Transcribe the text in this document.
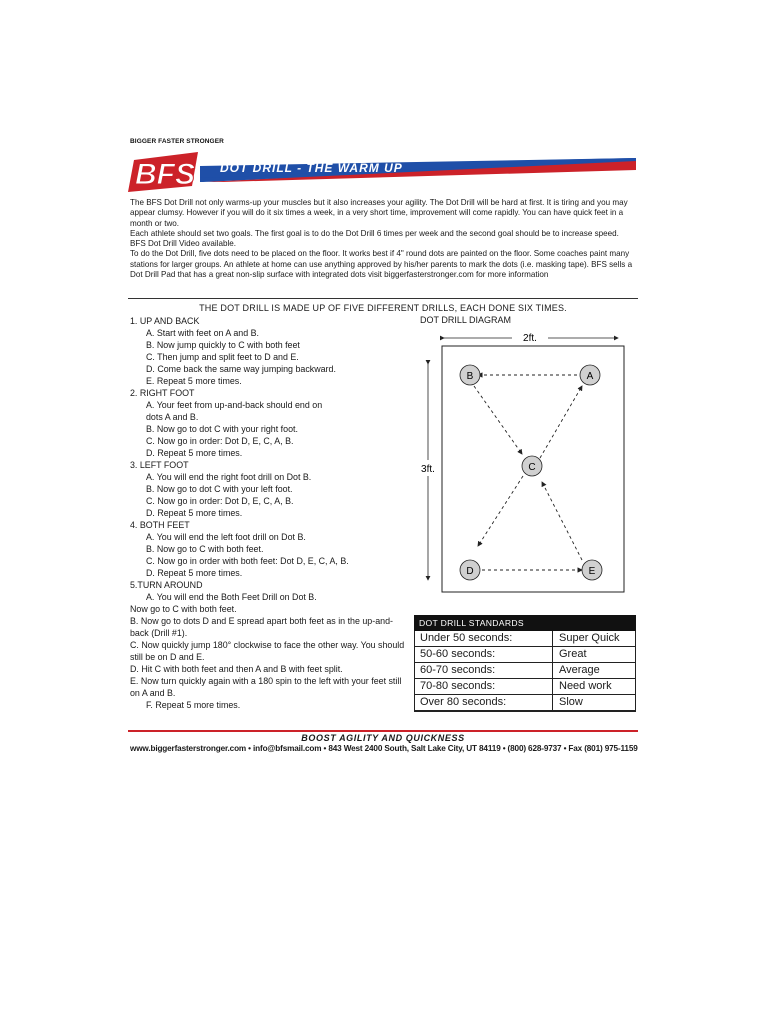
BIGGER FASTER STRONGER
DOT DRILL - THE WARM UP
BFS

The BFS Dot Drill not only warms-up your muscles but it also increases your agility. The Dot Drill will be hard at first. It is tiring and you may appear clumsy. However if you will do it six times a week, in a very short time, improvement will come rapidly. You can have quick feet in a month or two.

Each athlete should set two goals. The first goal is to do the Dot Drill 6 times per week and the second goal should be to increase speed. BFS Dot Drill Video available.

To do the Dot Drill, five dots need to be placed on the floor. It works best if 4" round dots are painted on the floor. Some coaches paint many stations for larger groups. An athlete at home can use anything approved by his/her parents to mark the dots (i.e. masking tape). BFS sells a Dot Drill Pad that has a great non-slip surface with integrated dots visit biggerfasterstronger.com for more information

THE DOT DRILL IS MADE UP OF FIVE DIFFERENT DRILLS, EACH DONE SIX TIMES.
1. UP AND BACK
A. Start with feet on A and B.
B. Now jump quickly to C with both feet
C. Then jump and split feet to D and E.
D. Come back the same way jumping backward.
E. Repeat 5 more times.
2. RIGHT FOOT
A. Your feet from up-and-back should end on
dots A and B.
B. Now go to dot C with your right foot.
C. Now go in order: Dot D, E, C, A, B.
D. Repeat 5 more times.
3. LEFT FOOT
A. You will end the right foot drill on Dot B.
B. Now go to dot C with your left foot.
C. Now go in order: Dot D, E, C, A, B.
D. Repeat 5 more times.
4. BOTH FEET
A. You will end the left foot drill on Dot B.
B. Now go to C with both feet.
C. Now go in order with both feet: Dot D, E, C, A, B.
D. Repeat 5 more times.
5.TURN AROUND
A. You will end the Both Feet Drill on Dot B.
Now go to C with both feet.
B. Now go to dots D and E spread apart both feet as in the up-and-back (Drill #1).
C. Now quickly jump 180° clockwise to face the other way. You should still be on D and E.
D. Hit C with both feet and then A and B with feet split.
E. Now turn quickly again with a 180 spin to the left with your feet still on A and B.
F. Repeat 5 more times.
DOT DRILL DIAGRAM
2ft.
3ft.
A
B
C
D	E
DOT DRILL STANDARDS
Under 50 seconds:	Super Quick
50-60 seconds:	Great
60-70 seconds:	Average
70-80 seconds:	Need work
Over 80 seconds:	Slow
BOOST AGILITY AND QUICKNESS
www.biggerfasterstronger.com • info@bfsmail.com • 843 West 2400 South, Salt Lake City, UT 84119 • (800) 628-9737 • Fax (801) 975-1159
